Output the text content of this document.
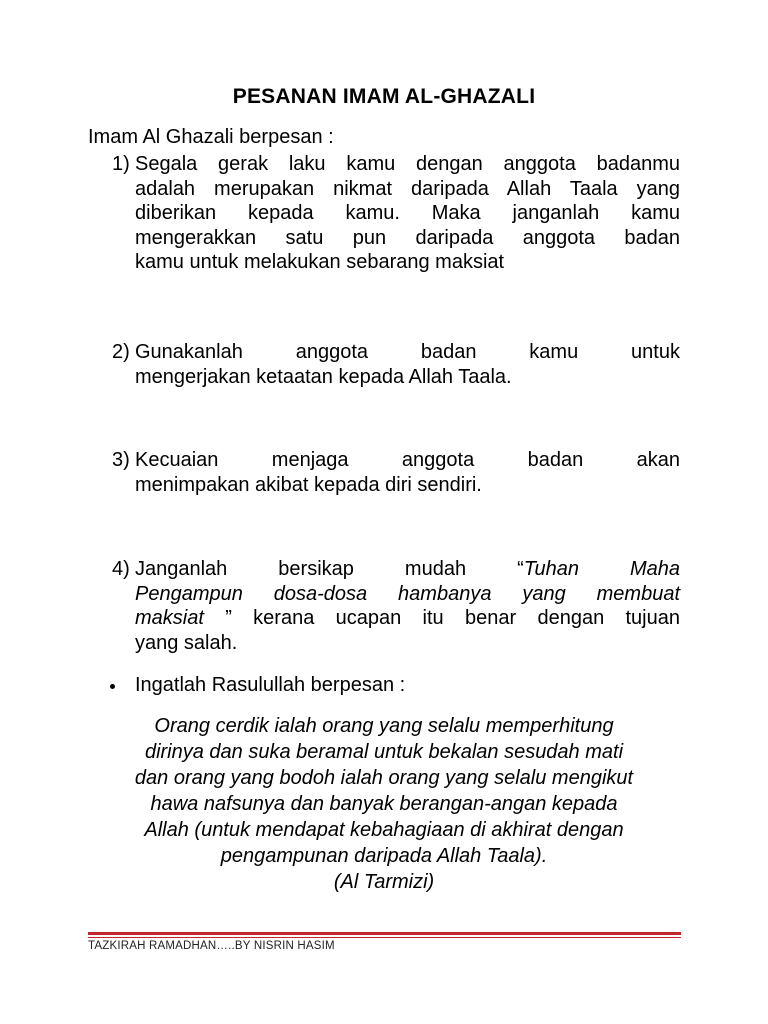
PESANAN IMAM AL-GHAZALI
Imam Al Ghazali berpesan :
1) Segala gerak laku kamu dengan anggota badanmu
adalah merupakan nikmat daripada Allah Taala yang
diberikan kepada kamu. Maka janganlah kamu
mengerakkan satu pun daripada anggota badan
kamu untuk melakukan sebarang maksiat
2) Gunakanlah anggota badan kamu untuk
mengerjakan ketaatan kepada Allah Taala.
3) Kecuaian menjaga anggota badan akan
menimpakan akibat kepada diri sendiri.
4) Janganlah bersikap mudah “Tuhan Maha
Pengampun dosa-dosa hambanya yang membuat
maksiat ” kerana ucapan itu benar dengan tujuan
yang salah.
Ingatlah Rasulullah berpesan :
Orang cerdik ialah orang yang selalu memperhitung
dirinya dan suka beramal untuk bekalan sesudah mati
dan orang yang bodoh ialah orang yang selalu mengikut
hawa nafsunya dan banyak berangan-angan kepada
Allah (untuk mendapat kebahagiaan di akhirat dengan
pengampunan daripada Allah Taala).
(Al Tarmizi)
TAZKIRAH RAMADHAN…..BY NISRIN HASIM
